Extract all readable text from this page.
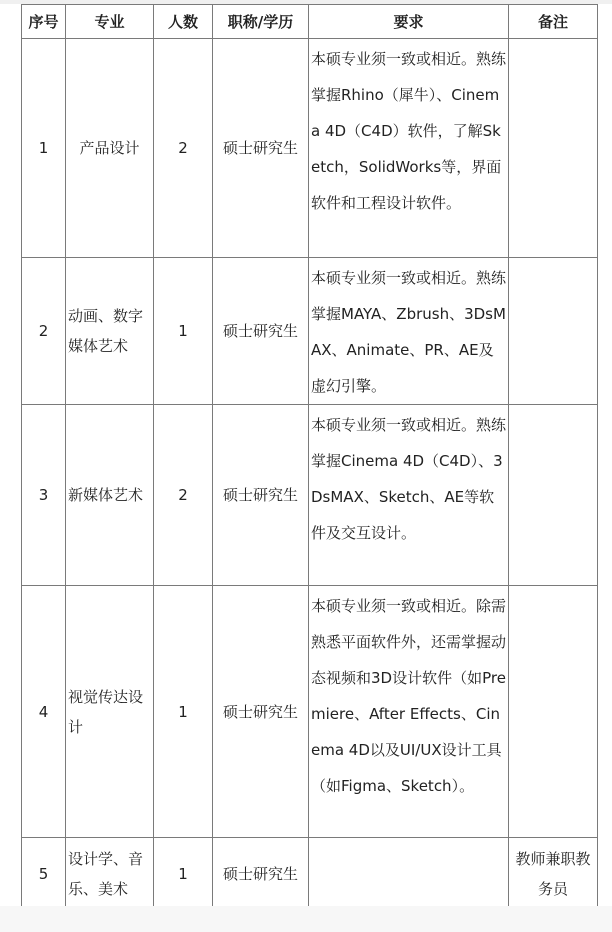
序号	专业	人数	职称/学历	要求	备注
1	产品设计	2	硕士研究生	本硕专业须一致或相近。熟练掌握Rhino（犀牛）、Cinema 4D（C4D）软件，了解Sketch，SolidWorks等，界面软件和工程设计软件。	
2	动画、数字媒体艺术	1	硕士研究生	本硕专业须一致或相近。熟练掌握MAYA、Zbrush、3DsMAX、Animate、PR、AE及虚幻引擎。	
3	新媒体艺术	2	硕士研究生	本硕专业须一致或相近。熟练掌握Cinema 4D（C4D）、3DsMAX、Sketch、AE等软件及交互设计。	
4	视觉传达设计	1	硕士研究生	本硕专业须一致或相近。除需熟悉平面软件外，还需掌握动态视频和3D设计软件（如Premiere、After Effects、Cinema 4D以及UI/UX设计工具（如Figma、Sketch）。	
5	设计学、音乐、美术	1	硕士研究生		教师兼职教务员
